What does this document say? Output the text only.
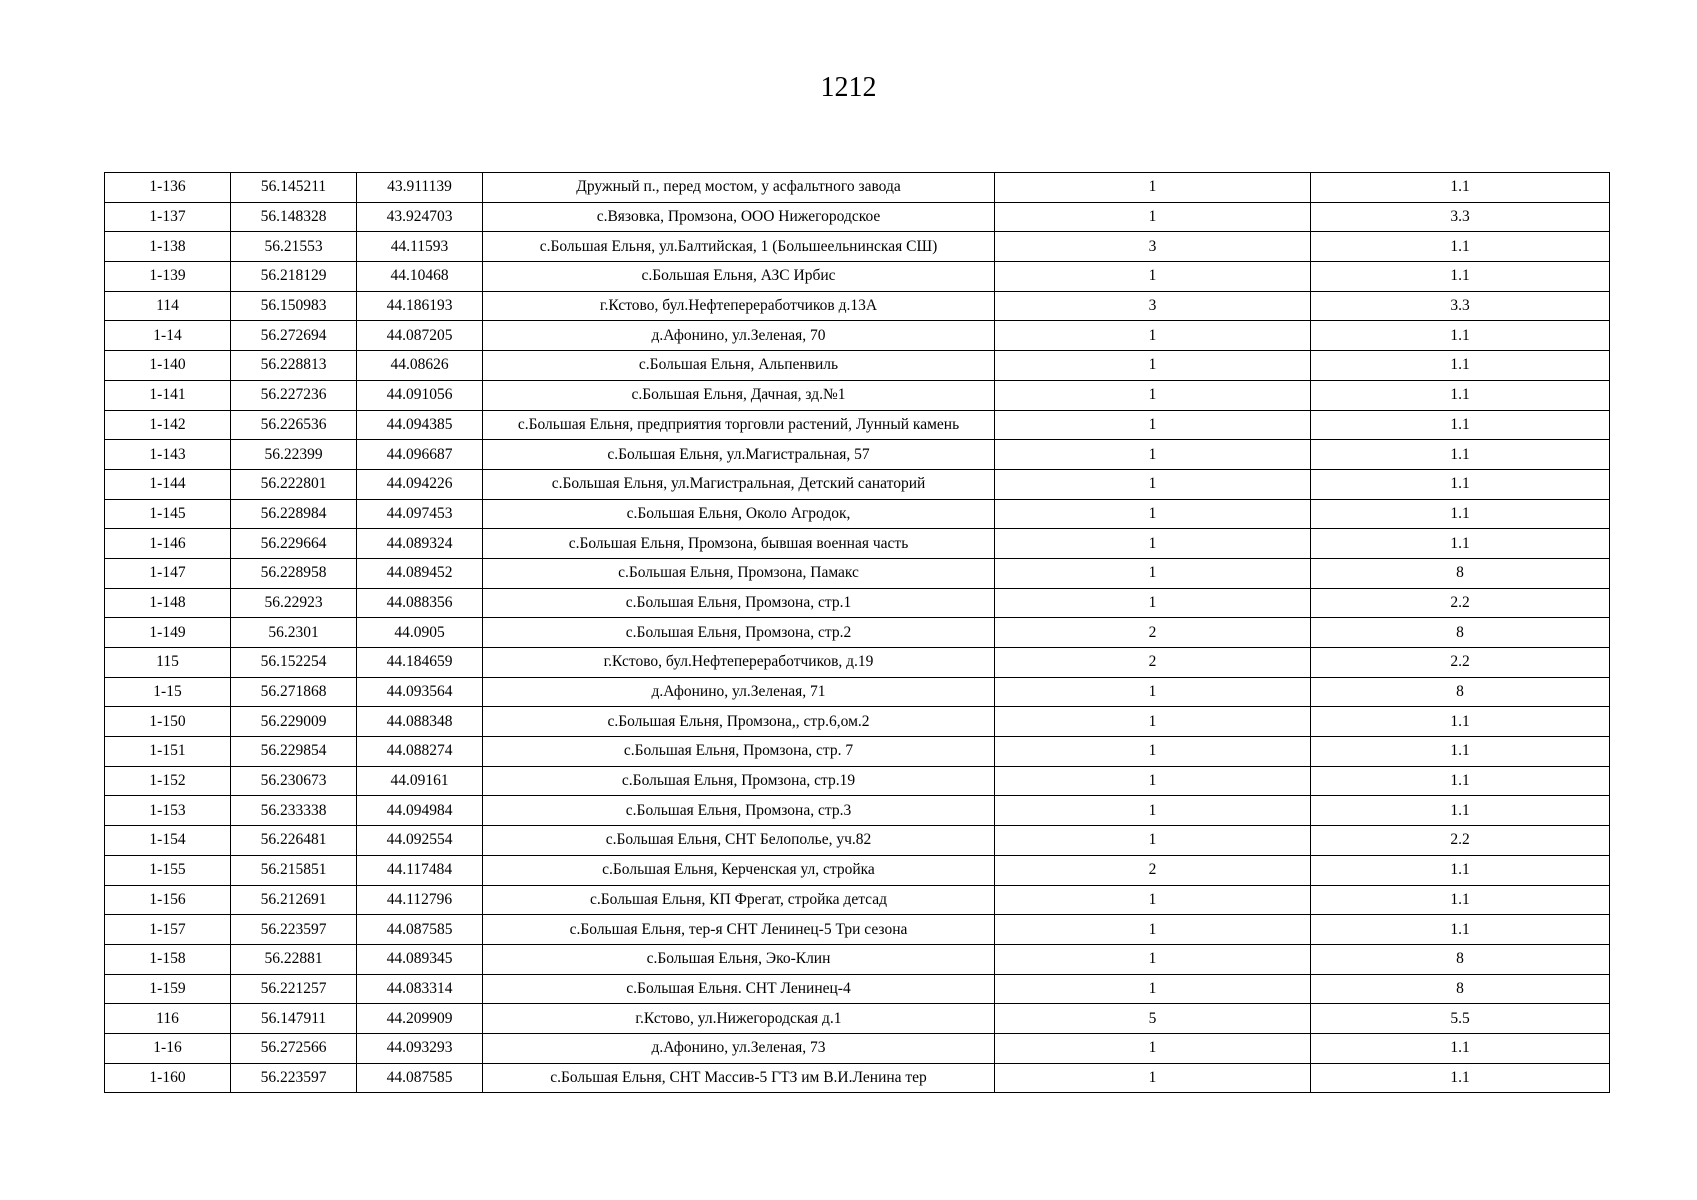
1212
1-136	56.145211	43.911139	Дружный п., перед мостом, у асфальтного завода	1	1.1
1-137	56.148328	43.924703	с.Вязовка, Промзона, ООО Нижегородское	1	3.3
1-138	56.21553	44.11593	с.Большая Ельня, ул.Балтийская, 1 (Большеельнинская СШ)	3	1.1
1-139	56.218129	44.10468	с.Большая Ельня, АЗС Ирбис	1	1.1
114	56.150983	44.186193	г.Кстово, бул.Нефтепереработчиков д.13А	3	3.3
1-14	56.272694	44.087205	д.Афонино, ул.Зеленая, 70	1	1.1
1-140	56.228813	44.08626	с.Большая Ельня, Альпенвиль	1	1.1
1-141	56.227236	44.091056	с.Большая Ельня, Дачная, зд.№1	1	1.1
1-142	56.226536	44.094385	с.Большая Ельня, предприятия торговли растений, Лунный камень	1	1.1
1-143	56.22399	44.096687	с.Большая Ельня, ул.Магистральная, 57	1	1.1
1-144	56.222801	44.094226	с.Большая Ельня, ул.Магистральная, Детский санаторий	1	1.1
1-145	56.228984	44.097453	с.Большая Ельня, Около Агродок,	1	1.1
1-146	56.229664	44.089324	с.Большая Ельня, Промзона, бывшая военная часть	1	1.1
1-147	56.228958	44.089452	с.Большая Ельня, Промзона, Памакс	1	8
1-148	56.22923	44.088356	с.Большая Ельня, Промзона, стр.1	1	2.2
1-149	56.2301	44.0905	с.Большая Ельня, Промзона, стр.2	2	8
115	56.152254	44.184659	г.Кстово, бул.Нефтепереработчиков, д.19	2	2.2
1-15	56.271868	44.093564	д.Афонино, ул.Зеленая, 71	1	8
1-150	56.229009	44.088348	с.Большая Ельня, Промзона,, стр.6,ом.2	1	1.1
1-151	56.229854	44.088274	с.Большая Ельня, Промзона, стр. 7	1	1.1
1-152	56.230673	44.09161	с.Большая Ельня, Промзона, стр.19	1	1.1
1-153	56.233338	44.094984	с.Большая Ельня, Промзона, стр.3	1	1.1
1-154	56.226481	44.092554	с.Большая Ельня, СНТ Белополье, уч.82	1	2.2
1-155	56.215851	44.117484	с.Большая Ельня, Керченская ул, стройка	2	1.1
1-156	56.212691	44.112796	с.Большая Ельня, КП Фрегат, стройка детсад	1	1.1
1-157	56.223597	44.087585	с.Большая Ельня, тер-я СНТ Ленинец-5 Три сезона	1	1.1
1-158	56.22881	44.089345	с.Большая Ельня, Эко-Клин	1	8
1-159	56.221257	44.083314	с.Большая Ельня. СНТ Ленинец-4	1	8
116	56.147911	44.209909	г.Кстово, ул.Нижегородская д.1	5	5.5
1-16	56.272566	44.093293	д.Афонино, ул.Зеленая, 73	1	1.1
1-160	56.223597	44.087585	с.Большая Ельня, СНТ Массив-5 ГТЗ им В.И.Ленина тер	1	1.1
